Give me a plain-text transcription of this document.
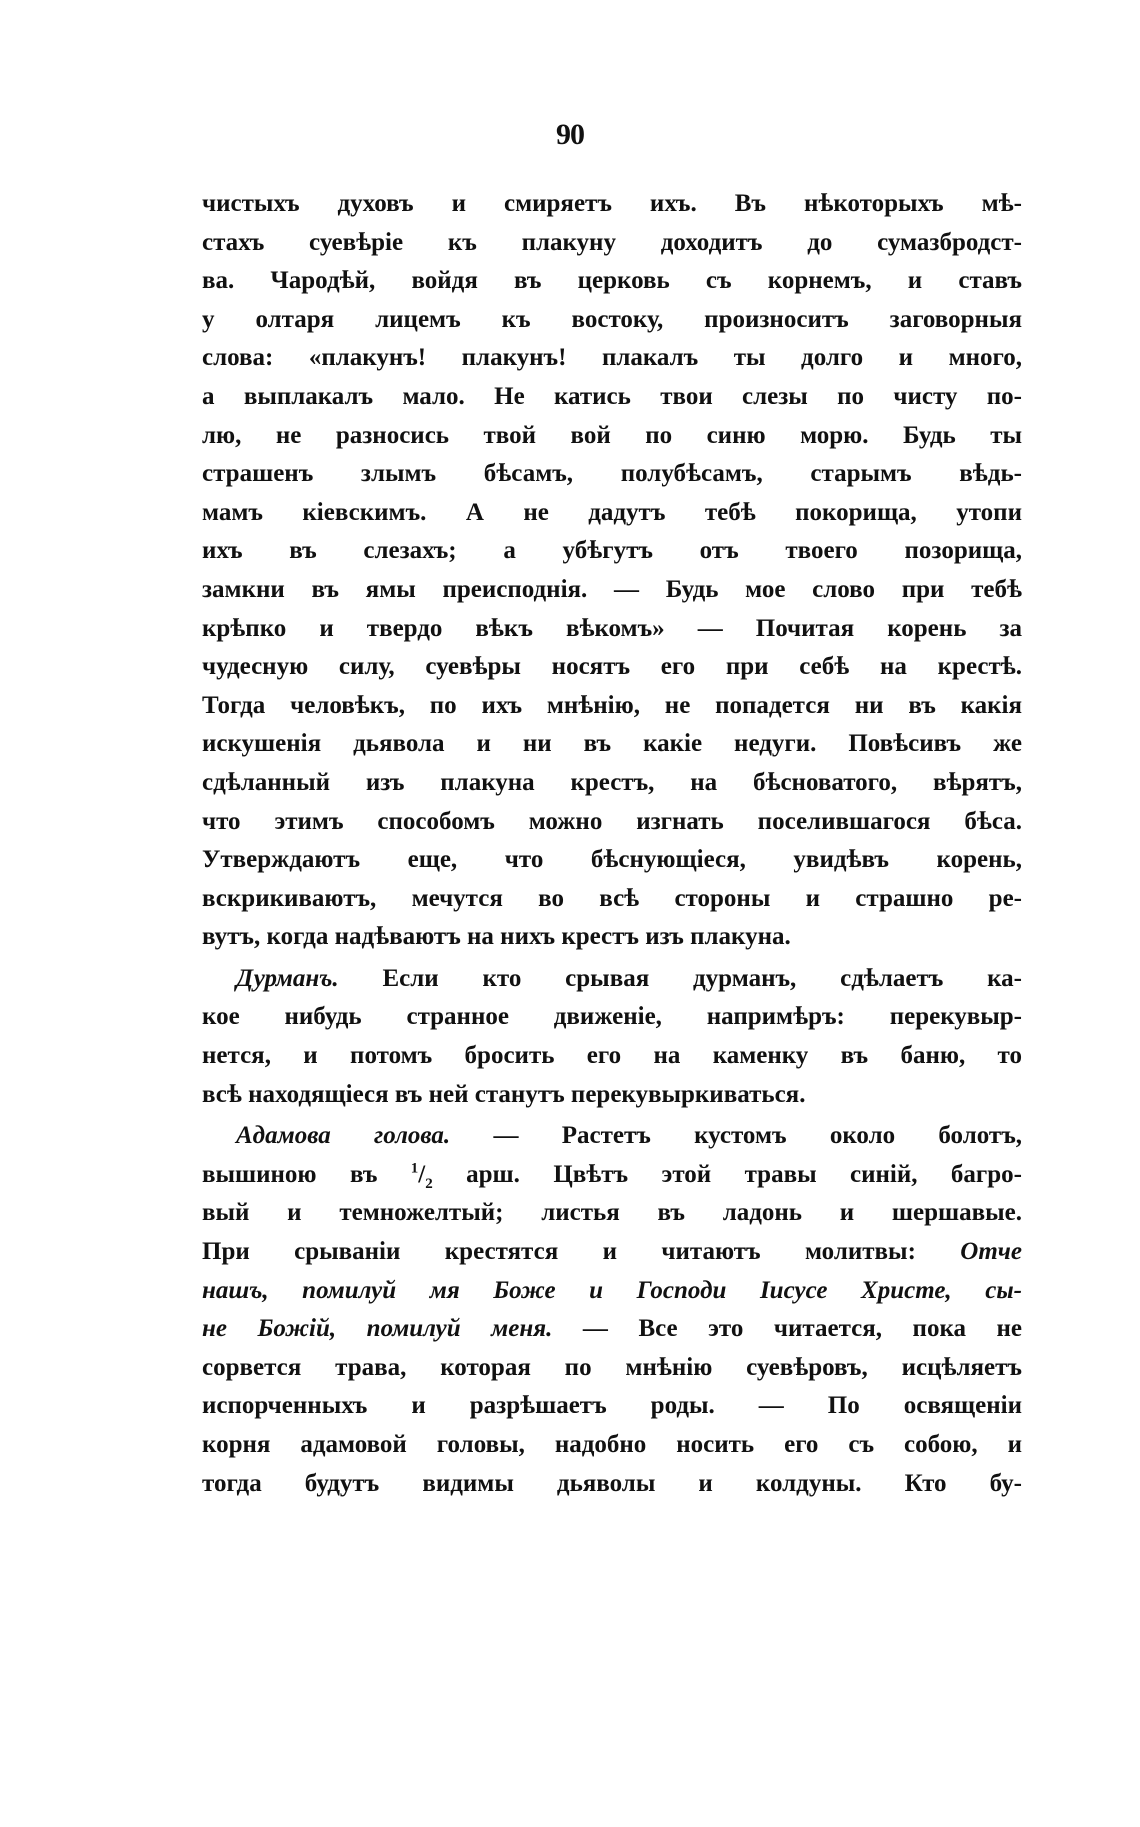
90
чистыхъ духовъ и смиряетъ ихъ. Въ нѣкоторыхъ мѣ-
стахъ суевѣріе къ плакуну доходитъ до сумазбродст-
ва. Чародѣй, войдя въ церковь съ корнемъ, и ставъ
у олтаря лицемъ къ востоку, произноситъ заговорныя
слова: «плакунъ! плакунъ! плакалъ ты долго и много,
а выплакалъ мало. Не катись твои слезы по чисту по-
лю, не разносись твой вой по синю морю. Будь ты
страшенъ злымъ бѣсамъ, полубѣсамъ, старымъ вѣдь-
мамъ кіевскимъ. А не дадутъ тебѣ покорища, утопи
ихъ въ слезахъ; а убѣгутъ отъ твоего позорища,
замкни въ ямы преисподнія. — Будь мое слово при тебѣ
крѣпко и твердо вѣкъ вѣкомъ» — Почитая корень за
чудесную силу, суевѣры носятъ его при себѣ на крестѣ.
Тогда человѣкъ, по ихъ мнѣнію, не попадется ни въ какія
искушенія дьявола и ни въ какіе недуги. Повѣсивъ же
сдѣланный изъ плакуна крестъ, на бѣсноватого, вѣрятъ,
что этимъ способомъ можно изгнать поселившагося бѣса.
Утверждаютъ еще, что бѣснующіеся, увидѣвъ корень,
вскрикиваютъ, мечутся во всѣ стороны и страшно ре-
вутъ, когда надѣваютъ на нихъ крестъ изъ плакуна.
Дурманъ. Если кто срывая дурманъ, сдѣлаетъ ка-
кое нибудь странное движеніе, напримѣръ: перекувыр-
нется, и потомъ бросить его на каменку въ баню, то
всѣ находящіеся въ ней станутъ перекувыркиваться.
Адамова голова. — Растетъ кустомъ около болотъ,
вышиною въ $^1/_2$ арш. Цвѣтъ этой травы синій, багро-
вый и темножелтый; листья въ ладонь и шершавые.
При срываніи крестятся и читаютъ молитвы: Отче
нашъ, помилуй мя Боже и Господи Іисусе Христе, сы-
не Божій, помилуй меня. — Все это читается, пока не
сорвется трава, которая по мнѣнію суевѣровъ, исцѣляетъ
испорченныхъ и разрѣшаетъ роды. — По освященіи
корня адамовой головы, надобно носить его съ собою, и
тогда будутъ видимы дьяволы и колдуны. Кто бу-
